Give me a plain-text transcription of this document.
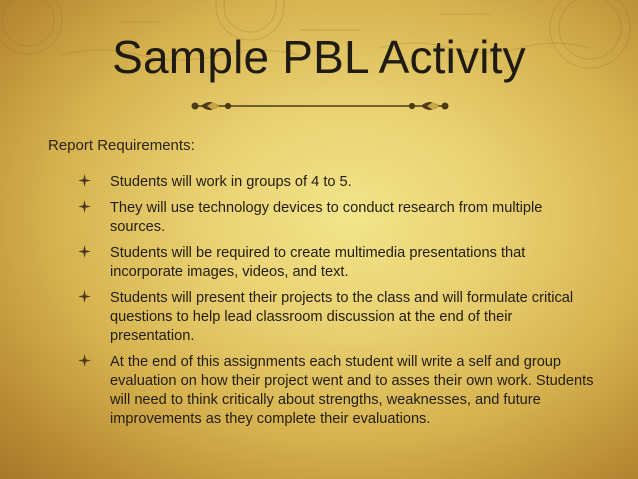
Sample PBL Activity
Report Requirements:
Students will work in groups of 4 to 5.
They will use technology devices to conduct research from multiple sources.
Students will be required to create multimedia presentations that incorporate images, videos, and text.
Students will present their projects to the class and will formulate critical questions to help lead classroom discussion at the end of their presentation.
At the end of this assignments each student will write a self and group evaluation on how their project went and to asses their own work. Students will need to think critically about strengths, weaknesses, and future improvements as they complete their evaluations.
